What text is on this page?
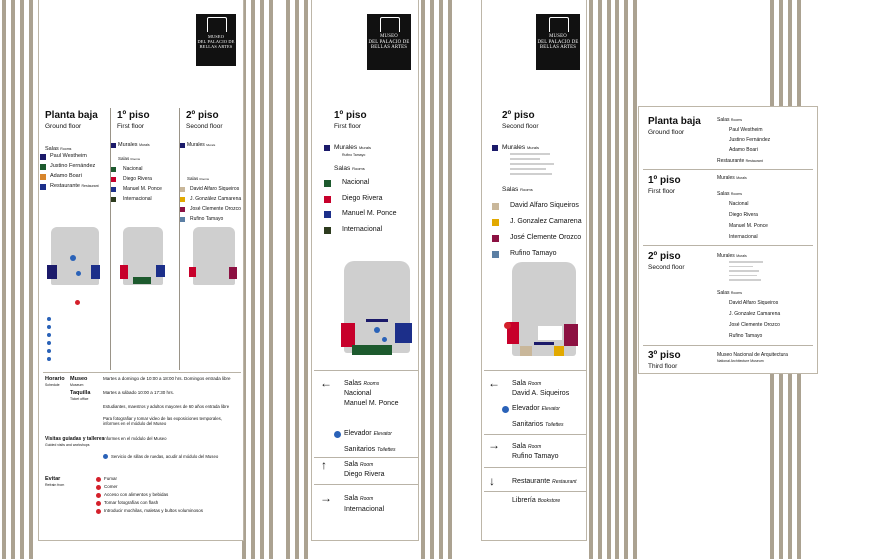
MUSEO
DEL PALACIO DE
BELLAS ARTES
Planta baja
Ground floor
1º piso
First floor
2º piso
Second floor
Salas Rooms
Paul Westheim
Justino Fernández
Adamo Boari
Restaurante Restaurant
Murales Murals
Salas Rooms
Nacional
Diego Rivera
Manuel M. Ponce
Internacional
Murales Murals
Salas Rooms
David Alfaro Siqueiros
J. González Camarena
José Clemente Orozco
Rufino Tamayo
Horario
Schedule
Museo
Museum
Martes a domingo de 10:00 a 18:00 hrs. Domingos entrada libre
Taquilla
Ticket office
Martes a sábado 10:00 a 17:30 hrs.
Estudiantes, maestros y adultos mayores de 60 años entrada libre
Para fotografiar y tomar video de las exposiciones temporales, informes en el módulo del Museo
Visitas guiadas y talleres
Guided visits and workshops
Informes en el módulo del Museo
Servicio de sillas de ruedas, acudir al módulo del Museo
Evitar
Refrain from
Fumar
Comer
Acceso con alimentos y bebidas
Tomar fotografías con flash
Introducir mochilas, maletas y bultos voluminosos
MUSEO
DEL PALACIO DE
BELLAS ARTES
1º piso
First floor
Murales Murals
Rufino Tamayo
Salas Rooms
Nacional
Diego Rivera
Manuel M. Ponce
Internacional
← Salas Rooms
Nacional
Manuel M. Ponce
Elevador Elevator
Sanitarios Toilettes
↑ Sala Room
Diego Rivera
→ Sala Room
Internacional
MUSEO
DEL PALACIO DE
BELLAS ARTES
2º piso
Second floor
Murales Murals
Salas Rooms
David Alfaro Siqueiros
J. Gonzalez Camarena
José Clemente Orozco
Rufino Tamayo
← Sala Room
David A. Siqueiros
Elevador Elevator
Sanitarios Toilettes
→ Sala Room
Rufino Tamayo
↓ Restaurante Restaurant
Librería Bookstore
Planta baja
Ground floor
Salas Rooms
Paul Westheim
Justino Fernández
Adamo Boari
Restaurante Restaurant
1º piso
First floor
Murales Murals
Salas Rooms
Nacional
Diego Rivera
Manuel M. Ponce
Internacional
2º piso
Second floor
Murales Murals
Salas Rooms
David Alfaro Siqueiros
J. Gonzalez Camarena
José Clemente Orozco
Rufino Tamayo
3º piso
Third floor
Museo Nacional de Arquitectura
National Architecture Museum
